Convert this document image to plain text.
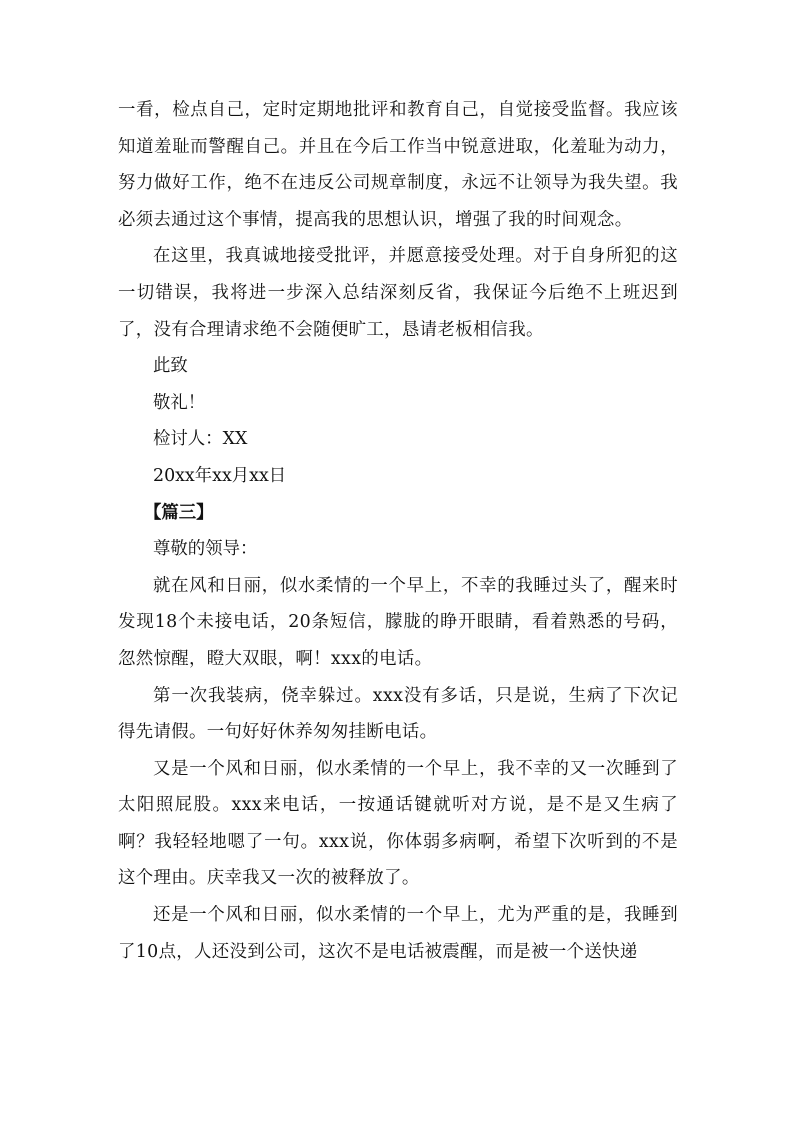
一看，检点自己，定时定期地批评和教育自己，自觉接受监督。我应该知道羞耻而警醒自己。并且在今后工作当中锐意进取，化羞耻为动力，努力做好工作，绝不在违反公司规章制度，永远不让领导为我失望。我必须去通过这个事情，提高我的思想认识，增强了我的时间观念。

在这里，我真诚地接受批评，并愿意接受处理。对于自身所犯的这一切错误，我将进一步深入总结深刻反省，我保证今后绝不上班迟到了，没有合理请求绝不会随便旷工，恳请老板相信我。

此致

敬礼！

检讨人：XX

20xx年xx月xx日

【篇三】

尊敬的领导：

就在风和日丽，似水柔情的一个早上，不幸的我睡过头了，醒来时发现18个未接电话，20条短信，朦胧的睁开眼睛，看着熟悉的号码，忽然惊醒，瞪大双眼，啊！xxx的电话。

第一次我装病，侥幸躲过。xxx没有多话，只是说，生病了下次记得先请假。一句好好休养匆匆挂断电话。

又是一个风和日丽，似水柔情的一个早上，我不幸的又一次睡到了太阳照屁股。xxx来电话，一按通话键就听对方说，是不是又生病了啊？我轻轻地嗯了一句。xxx说，你体弱多病啊，希望下次听到的不是这个理由。庆幸我又一次的被释放了。

还是一个风和日丽，似水柔情的一个早上，尤为严重的是，我睡到了10点，人还没到公司，这次不是电话被震醒，而是被一个送快递
